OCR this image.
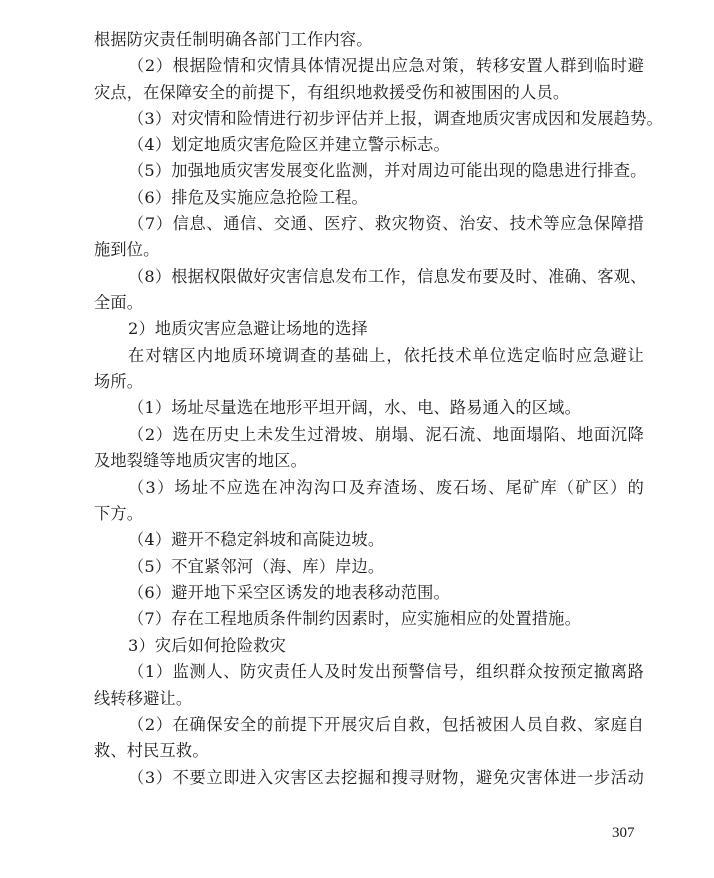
根据防灾责任制明确各部门工作内容。
（2）根据险情和灾情具体情况提出应急对策，转移安置人群到临时避
灾点，在保障安全的前提下，有组织地救援受伤和被围困的人员。
（3）对灾情和险情进行初步评估并上报，调查地质灾害成因和发展趋势。
（4）划定地质灾害危险区并建立警示标志。
（5）加强地质灾害发展变化监测，并对周边可能出现的隐患进行排查。
（6）排危及实施应急抢险工程。
（7）信息、通信、交通、医疗、救灾物资、治安、技术等应急保障措
施到位。
（8）根据权限做好灾害信息发布工作，信息发布要及时、准确、客观、
全面。
2）地质灾害应急避让场地的选择
在对辖区内地质环境调查的基础上，依托技术单位选定临时应急避让
场所。
（1）场址尽量选在地形平坦开阔，水、电、路易通入的区域。
（2）选在历史上未发生过滑坡、崩塌、泥石流、地面塌陷、地面沉降
及地裂缝等地质灾害的地区。
（3）场址不应选在冲沟沟口及弃渣场、废石场、尾矿库（矿区）的
下方。
（4）避开不稳定斜坡和高陡边坡。
（5）不宜紧邻河（海、库）岸边。
（6）避开地下采空区诱发的地表移动范围。
（7）存在工程地质条件制约因素时，应实施相应的处置措施。
3）灾后如何抢险救灾
（1）监测人、防灾责任人及时发出预警信号，组织群众按预定撤离路
线转移避让。
（2）在确保安全的前提下开展灾后自救，包括被困人员自救、家庭自
救、村民互救。
（3）不要立即进入灾害区去挖掘和搜寻财物，避免灾害体进一步活动
307
